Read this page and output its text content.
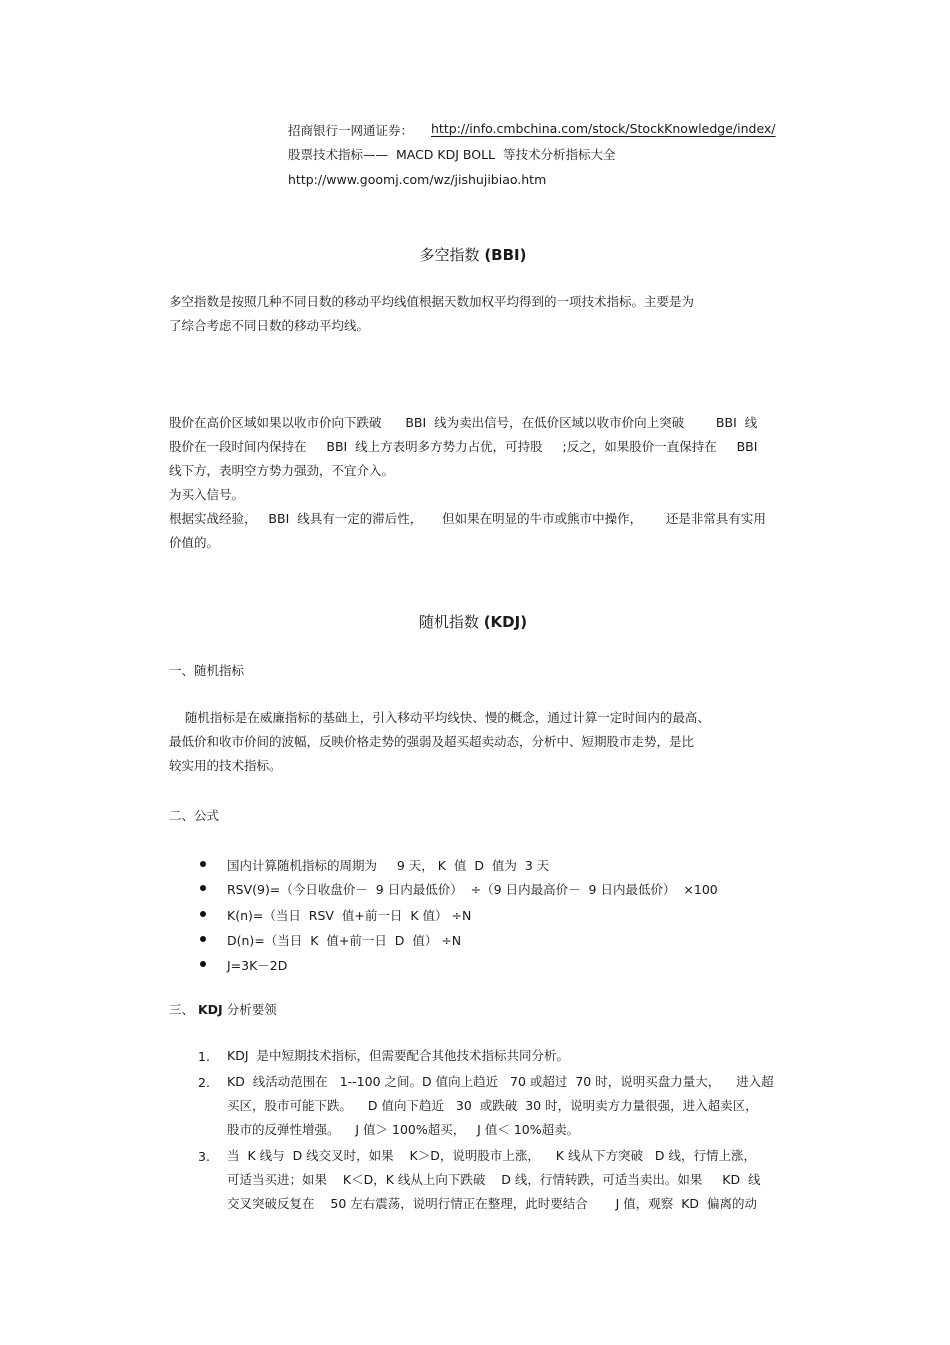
招商银行一网通证券： http://info.cmbchina.com/stock/StockKnowledge/index/
股票技术指标——  MACD KDJ BOLL  等技术分析指标大全
http://www.goomj.com/wz/jishujibiao.htm
多空指数 (BBI)
多空指数是按照几种不同日数的移动平均线值根据天数加权平均得到的一项技术指标。主要是为
了综合考虑不同日数的移动平均线。

股价在高价区域如果以收市价向下跌破      BBI  线为卖出信号，在低价区域以收市价向上突破        BBI  线

为买入信号。

股价在一段时间内保持在     BBI  线上方表明多方势力占优，可持股     ;反之，如果股价一直保持在     BBI
线下方，表明空方势力强劲，不宜介入。
根据实战经验，   BBI  线具有一定的滞后性，     但如果在明显的牛市或熊市中操作，      还是非常具有实用
价值的。
随机指数 (KDJ)
一、随机指标
随机指标是在威廉指标的基础上，引入移动平均线快、慢的概念，通过计算一定时间内的最高、
最低价和收市价间的波幅，反映价格走势的强弱及超买超卖动态，分析中、短期股市走势，是比
较实用的技术指标。
二、公式
国内计算随机指标的周期为     9 天， K  值  D  值为  3 天
RSV(9)=（今日收盘价－  9 日内最低价）  ÷（9 日内最高价－  9 日内最低价）  ×100
K(n)=（当日  RSV  值+前一日  K 值） ÷N
D(n)=（当日  K  值+前一日  D  值） ÷N
J=3K－2D
三、 KDJ 分析要领
1. KDJ  是中短期技术指标，但需要配合其他技术指标共同分析。
2. KD  线活动范围在   1--100 之间。D 值向上趋近   70 或超过  70 时，说明买盘力量大，    进入超
买区，股市可能下跌。    D 值向下趋近   30  或跌破  30 时，说明卖方力量很强，进入超卖区，
股市的反弹性增强。    J 值＞ 100%超买，   J 值＜ 10%超卖。
3. 当  K 线与  D 线交叉时，如果    K＞D，说明股市上涨，    K 线从下方突破   D 线，行情上涨，
可适当买进；如果    K＜D，K 线从上向下跌破    D 线，行情转跌，可适当卖出。如果     KD  线
交叉突破反复在    50 左右震荡，说明行情正在整理，此时要结合       J 值，观察  KD  偏离的动
